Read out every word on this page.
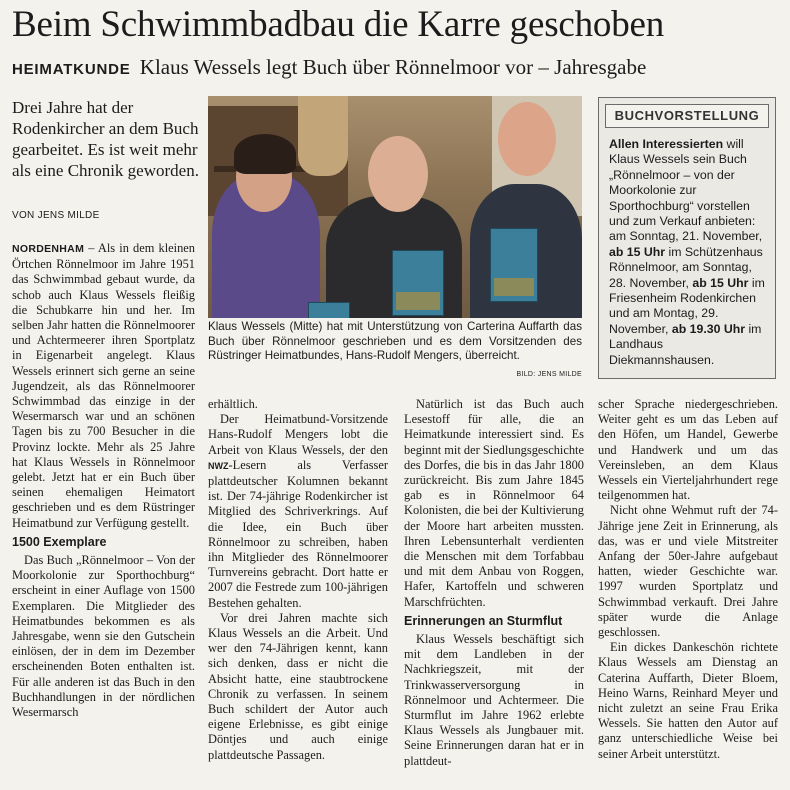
Beim Schwimmbadbau die Karre geschoben
HEIMATKUNDE Klaus Wessels legt Buch über Rönnelmoor vor – Jahresgabe
Drei Jahre hat der Rodenkircher an dem Buch gearbeitet. Es ist weit mehr als eine Chronik geworden.
VON JENS MILDE

NORDENHAM – Als in dem kleinen Örtchen Rönnelmoor im Jahre 1951 das Schwimmbad gebaut wurde, da schob auch Klaus Wessels fleißig die Schubkarre hin und her. Im selben Jahr hatten die Rönnelmoorer und Achtermeerer ihren Sportplatz in Eigenarbeit angelegt. Klaus Wessels erinnert sich gerne an seine Jugendzeit, als das Rönnelmoorer Schwimmbad das einzige in der Wesermarsch war und an schönen Tagen bis zu 700 Besucher in die Provinz lockte. Mehr als 25 Jahre hat Klaus Wessels in Rönnelmoor gelebt. Jetzt hat er ein Buch über seinen ehemaligen Heimatort geschrieben und es dem Rüstringer Heimatbund zur Verfügung gestellt.

1500 Exemplare

Das Buch „Rönnelmoor – Von der Moorkolonie zur Sporthochburg“ erscheint in einer Auflage von 1500 Exemplaren. Die Mitglieder des Heimatbundes bekommen es als Jahresgabe, wenn sie den Gutschein einlösen, der in dem im Dezember erscheinenden Boten enthalten ist. Für alle anderen ist das Buch in den Buchhandlungen in der nördlichen Wesermarsch

erhältlich.

Der Heimatbund-Vorsitzende Hans-Rudolf Mengers lobt die Arbeit von Klaus Wessels, der den NWZ-Lesern als Verfasser plattdeutscher Kolumnen bekannt ist. Der 74-jährige Rodenkircher ist Mitglied des Schriverkrings. Auf die Idee, ein Buch über Rönnelmoor zu schreiben, haben ihn Mitglieder des Rönnelmoorer Turnvereins gebracht. Dort hatte er 2007 die Festrede zum 100-jährigen Bestehen gehalten.

Vor drei Jahren machte sich Klaus Wessels an die Arbeit. Und wer den 74-Jährigen kennt, kann sich denken, dass er nicht die Absicht hatte, eine staubtrockene Chronik zu verfassen. In seinem Buch schildert der Autor auch eigene Erlebnisse, es gibt einige Döntjes und auch einige plattdeutsche Passagen.

Natürlich ist das Buch auch Lesestoff für alle, die an Heimatkunde interessiert sind. Es beginnt mit der Siedlungsgeschichte des Dorfes, die bis in das Jahr 1800 zurückreicht. Bis zum Jahre 1845 gab es in Rönnelmoor 64 Kolonisten, die bei der Kultivierung der Moore hart arbeiten mussten. Ihren Lebensunterhalt verdienten die Menschen mit dem Torfabbau und mit dem Anbau von Roggen, Hafer, Kartoffeln und schweren Marschfrüchten.

Erinnerungen an Sturmflut

Klaus Wessels beschäftigt sich mit dem Landleben in der Nachkriegszeit, mit der Trinkwasserversorgung in Rönnelmoor und Achtermeer. Die Sturmflut im Jahre 1962 erlebte Klaus Wessels als Jungbauer mit. Seine Erinnerungen daran hat er in plattdeut-

scher Sprache niedergeschrieben. Weiter geht es um das Leben auf den Höfen, um Handel, Gewerbe und Handwerk und um das Vereinsleben, an dem Klaus Wessels ein Vierteljahrhundert rege teilgenommen hat.

Nicht ohne Wehmut ruft der 74-Jährige jene Zeit in Erinnerung, als das, was er und viele Mitstreiter Anfang der 50er-Jahre aufgebaut hatten, wieder Geschichte war. 1997 wurden Sportplatz und Schwimmbad verkauft. Drei Jahre später wurde die Anlage geschlossen.

Ein dickes Dankeschön richtete Klaus Wessels am Dienstag an Caterina Auffarth, Dieter Bloem, Heino Warns, Reinhard Meyer und nicht zuletzt an seine Frau Erika Wessels. Sie hatten den Autor auf ganz unterschiedliche Weise bei seiner Arbeit unterstützt.

Klaus Wessels (Mitte) hat mit Unterstützung von Carterina Auffarth das Buch über Rönnelmoor geschrieben und es dem Vorsitzenden des Rüstringer Heimatbundes, Hans-Rudolf Mengers, überreicht.
BILD: JENS MILDE
BUCHVORSTELLUNG
Allen Interessierten will Klaus Wessels sein Buch „Rönnelmoor – von der Moorkolonie zur Sporthochburg“ vorstellen und zum Verkauf anbieten: am Sonntag, 21. November, ab 15 Uhr im Schützenhaus Rönnelmoor, am Sonntag, 28. November, ab 15 Uhr im Friesenheim Rodenkirchen und am Montag, 29. November, ab 19.30 Uhr im Landhaus Diekmannshausen.
